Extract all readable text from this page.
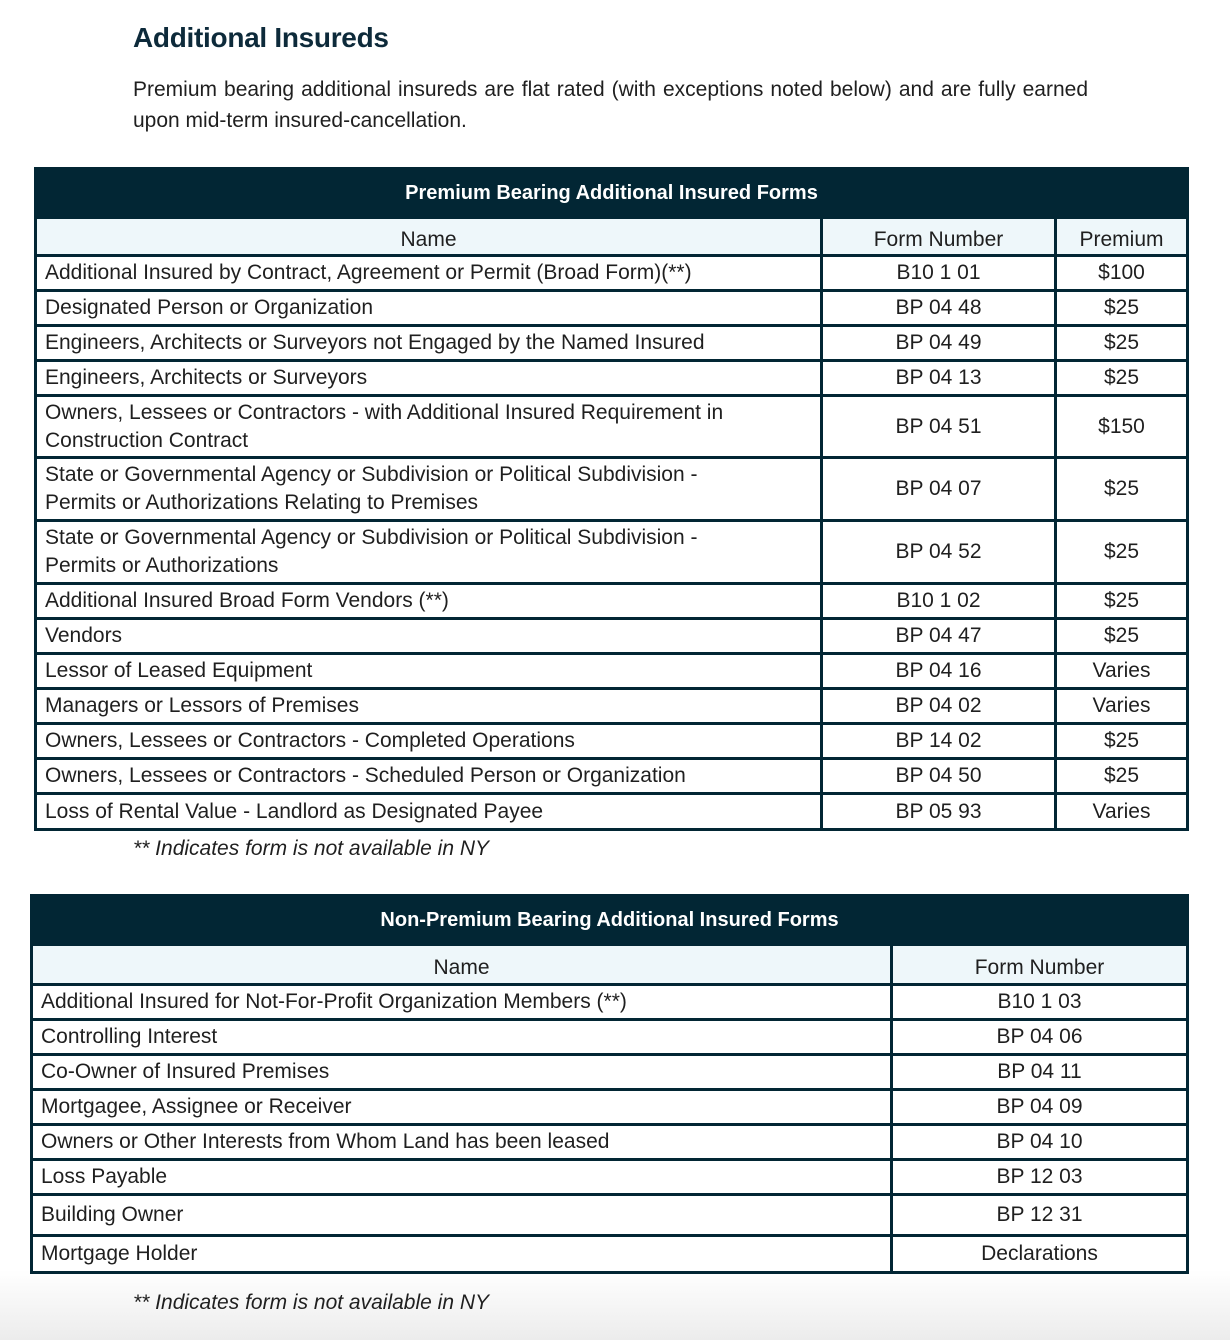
Additional Insureds

Premium bearing additional insureds are flat rated (with exceptions noted below) and are fully earned upon mid-term insured-cancellation.

Premium Bearing Additional Insured Forms		
Name	Form Number	Premium
Additional Insured by Contract, Agreement or Permit (Broad Form)(**)	B10 1 01	$100
Designated Person or Organization	BP 04 48	$25
Engineers, Architects or Surveyors not Engaged by the Named Insured	BP 04 49	$25
Engineers, Architects or Surveyors	BP 04 13	$25
Owners, Lessees or Contractors - with Additional Insured Requirement in Construction Contract	BP 04 51	$150
State or Governmental Agency or Subdivision or Political Subdivision - Permits or Authorizations Relating to Premises	BP 04 07	$25
State or Governmental Agency or Subdivision or Political Subdivision - Permits or Authorizations	BP 04 52	$25
Additional Insured Broad Form Vendors (**)	B10 1 02	$25
Vendors	BP 04 47	$25
Lessor of Leased Equipment	BP 04 16	Varies
Managers or Lessors of Premises	BP 04 02	Varies
Owners, Lessees or Contractors - Completed Operations	BP 14 02	$25
Owners, Lessees or Contractors - Scheduled Person or Organization	BP 04 50	$25
Loss of Rental Value - Landlord as Designated Payee	BP 05 93	Varies

** Indicates form is not available in NY

Non-Premium Bearing Additional Insured Forms	
Name	Form Number
Additional Insured for Not-For-Profit Organization Members (**)	B10 1 03
Controlling Interest	BP 04 06
Co-Owner of Insured Premises	BP 04 11
Mortgagee, Assignee or Receiver	BP 04 09
Owners or Other Interests from Whom Land has been leased	BP 04 10
Loss Payable	BP 12 03
Building Owner	BP 12 31
Mortgage Holder	Declarations

** Indicates form is not available in NY
